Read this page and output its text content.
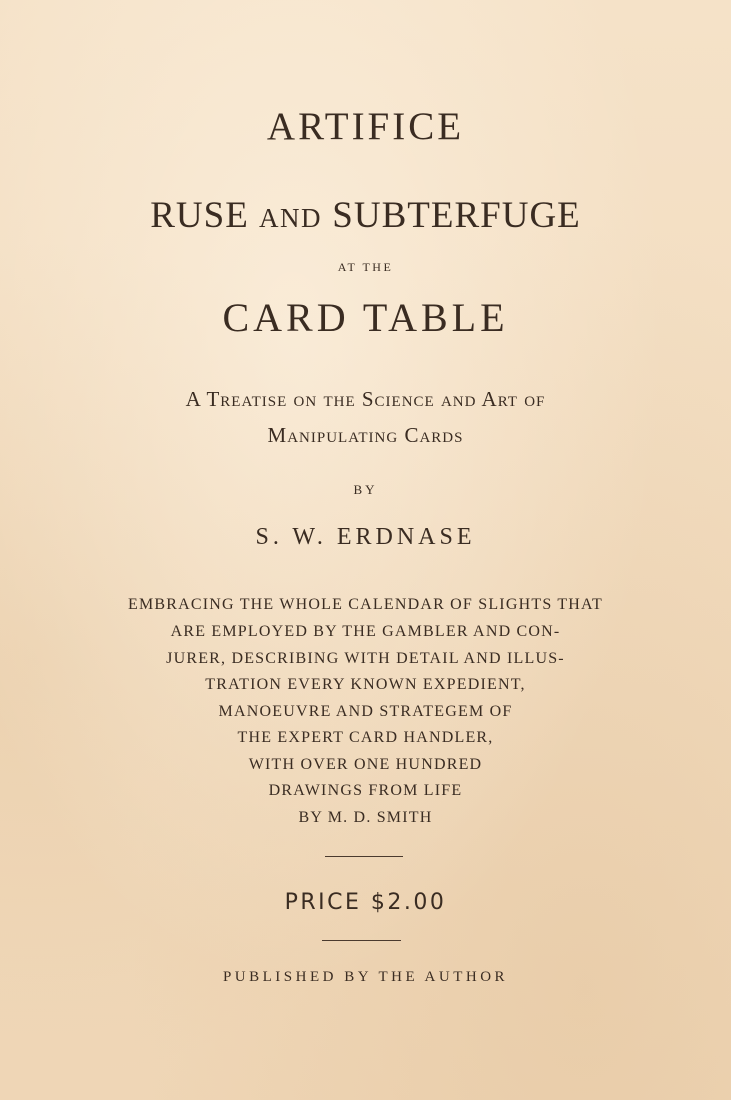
ARTIFICE
RUSE AND SUBTERFUGE
AT THE
CARD TABLE
A Treatise on the Science and Art of
Manipulating Cards
BY
S. W. ERDNASE
EMBRACING THE WHOLE CALENDAR OF SLIGHTS THAT
ARE EMPLOYED BY THE GAMBLER AND CON-
JURER, DESCRIBING WITH DETAIL AND ILLUS-
TRATION EVERY KNOWN EXPEDIENT,
MANOEUVRE AND STRATEGEM OF
THE EXPERT CARD HANDLER,
WITH OVER ONE HUNDRED
DRAWINGS FROM LIFE
BY M. D. SMITH
PRICE $2.00
PUBLISHED BY THE AUTHOR
